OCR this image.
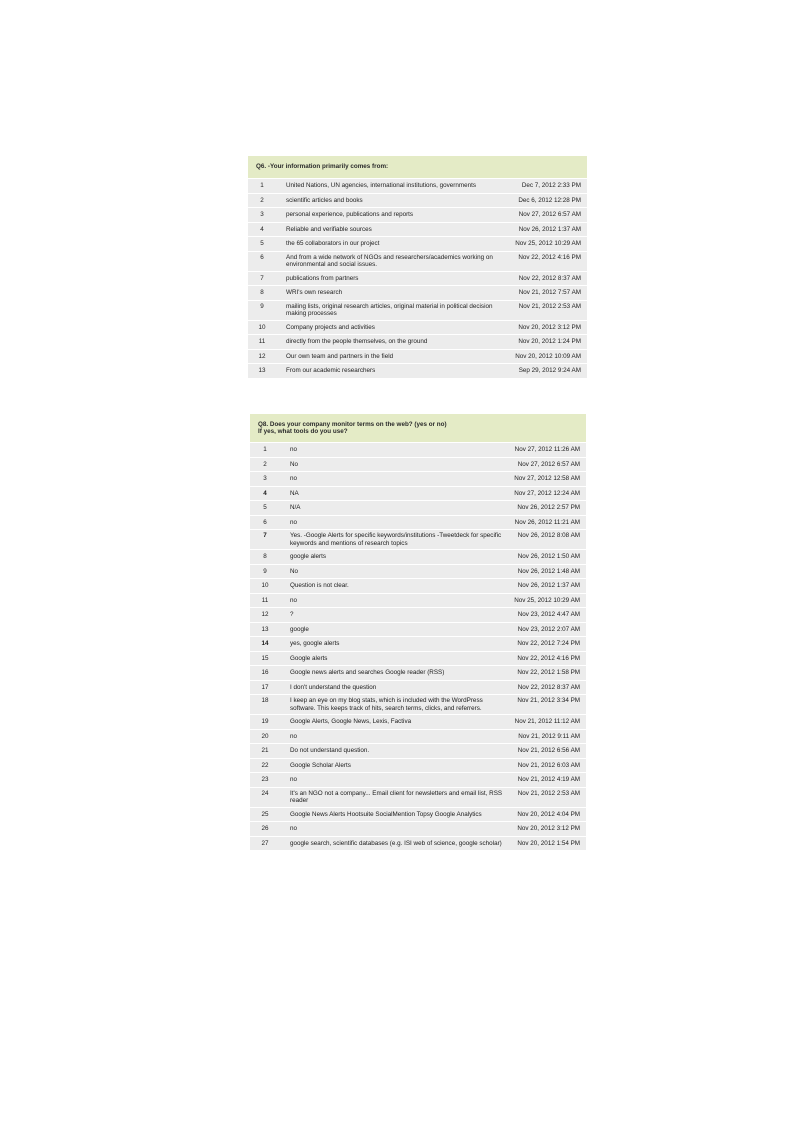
Q6. -Your information primarily comes from:		
1	United Nations, UN agencies, international institutions, governments	Dec 7, 2012 2:33 PM
2	scientific articles and books	Dec 6, 2012 12:28 PM
3	personal experience, publications and reports	Nov 27, 2012 6:57 AM
4	Reliable and verifiable sources	Nov 26, 2012 1:37 AM
5	the 65 collaborators in our project	Nov 25, 2012 10:29 AM
6	And from a wide network of NGOs and researchers/academics working on environmental and social issues.	Nov 22, 2012 4:16 PM
7	publications from partners	Nov 22, 2012 8:37 AM
8	WRI's own research	Nov 21, 2012 7:57 AM
9	mailing lists, original research articles, original material in political decision making processes	Nov 21, 2012 2:53 AM
10	Company projects and activities	Nov 20, 2012 3:12 PM
11	directly from the people themselves, on the ground	Nov 20, 2012 1:24 PM
12	Our own team and partners in the field	Nov 20, 2012 10:09 AM
13	From our academic researchers	Sep 29, 2012 9:24 AM
Q8. Does your company monitor terms on the web? (yes or no)
If yes, what tools do you use?		

1	no	Nov 27, 2012 11:26 AM
2	No	Nov 27, 2012 6:57 AM
3	no	Nov 27, 2012 12:58 AM
4	NA	Nov 27, 2012 12:24 AM
5	N/A	Nov 26, 2012 2:57 PM
6	no	Nov 26, 2012 11:21 AM
7	Yes. -Google Alerts for specific keywords/institutions -Tweetdeck for specific keywords and mentions of research topics	Nov 26, 2012 8:08 AM
8	google alerts	Nov 26, 2012 1:50 AM
9	No	Nov 26, 2012 1:48 AM
10	Question is not clear.	Nov 26, 2012 1:37 AM
11	no	Nov 25, 2012 10:29 AM
12	?	Nov 23, 2012 4:47 AM
13	google	Nov 23, 2012 2:07 AM
14	yes, google alerts	Nov 22, 2012 7:24 PM
15	Google alerts	Nov 22, 2012 4:16 PM
16	Google news alerts and searches Google reader (RSS)	Nov 22, 2012 1:58 PM
17	I don't understand the question	Nov 22, 2012 8:37 AM
18	I keep an eye on my blog stats, which is included with the WordPress software. This keeps track of hits, search terms, clicks, and referrers.	Nov 21, 2012 3:34 PM
19	Google Alerts, Google News, Lexis, Factiva	Nov 21, 2012 11:12 AM
20	no	Nov 21, 2012 9:11 AM
21	Do not understand question.	Nov 21, 2012 6:56 AM
22	Google Scholar Alerts	Nov 21, 2012 6:03 AM
23	no	Nov 21, 2012 4:19 AM
24	It's an NGO not a company... Email client for newsletters and email list, RSS reader	Nov 21, 2012 2:53 AM
25	Google News Alerts Hootsuite SocialMention Topsy Google Analytics	Nov 20, 2012 4:04 PM
26	no	Nov 20, 2012 3:12 PM
27	google search, scientific databases (e.g. ISI web of science, google scholar)	Nov 20, 2012 1:54 PM
